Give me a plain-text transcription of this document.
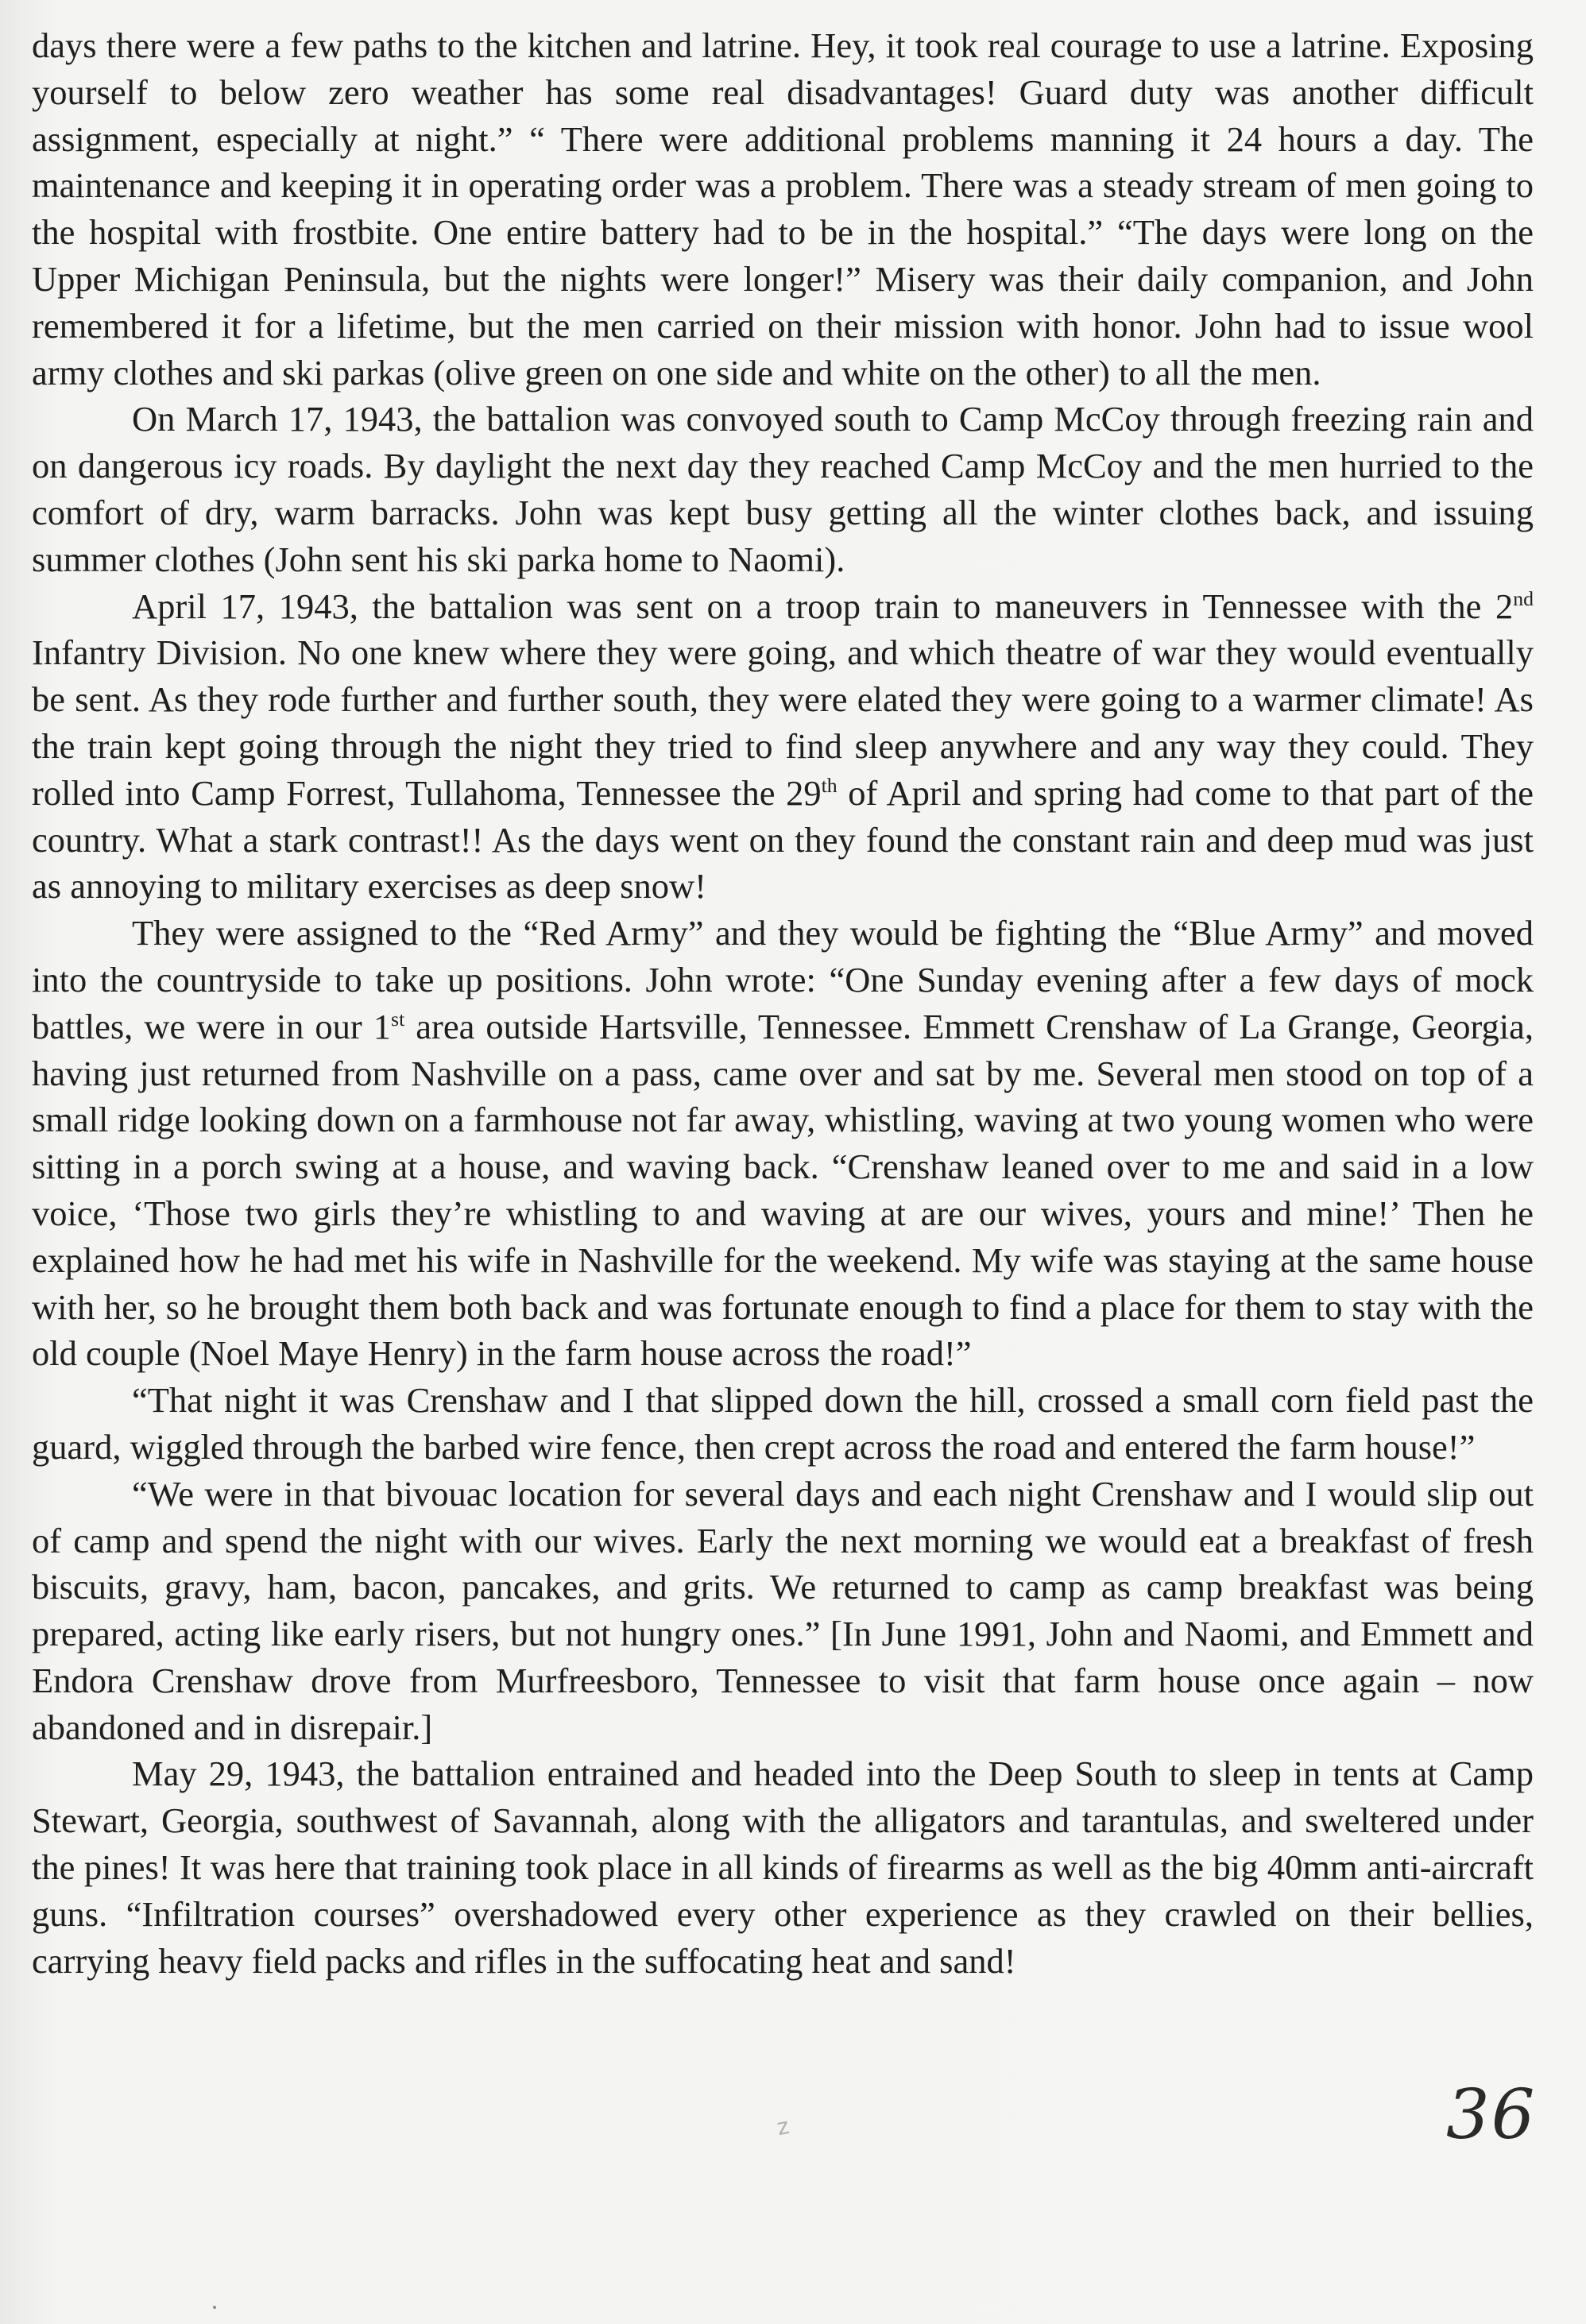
days there were a few paths to the kitchen and latrine. Hey, it took real courage to use a latrine. Exposing yourself to below zero weather has some real disadvantages! Guard duty was another difficult assignment, especially at night.” “ There were additional problems manning it 24 hours a day. The maintenance and keeping it in operating order was a problem. There was a steady stream of men going to the hospital with frostbite. One entire battery had to be in the hospital.” “The days were long on the Upper Michigan Peninsula, but the nights were longer!” Misery was their daily companion, and John remembered it for a lifetime, but the men carried on their mission with honor. John had to issue wool army clothes and ski parkas (olive green on one side and white on the other) to all the men.

On March 17, 1943, the battalion was convoyed south to Camp McCoy through freezing rain and on dangerous icy roads. By daylight the next day they reached Camp McCoy and the men hurried to the comfort of dry, warm barracks. John was kept busy getting all the winter clothes back, and issuing summer clothes (John sent his ski parka home to Naomi).

April 17, 1943, the battalion was sent on a troop train to maneuvers in Tennessee with the 2nd Infantry Division. No one knew where they were going, and which theatre of war they would eventually be sent. As they rode further and further south, they were elated they were going to a warmer climate! As the train kept going through the night they tried to find sleep anywhere and any way they could. They rolled into Camp Forrest, Tullahoma, Tennessee the 29th of April and spring had come to that part of the country. What a stark contrast!! As the days went on they found the constant rain and deep mud was just as annoying to military exercises as deep snow!

They were assigned to the “Red Army” and they would be fighting the “Blue Army” and moved into the countryside to take up positions. John wrote: “One Sunday evening after a few days of mock battles, we were in our 1st area outside Hartsville, Tennessee. Emmett Crenshaw of La Grange, Georgia, having just returned from Nashville on a pass, came over and sat by me. Several men stood on top of a small ridge looking down on a farmhouse not far away, whistling, waving at two young women who were sitting in a porch swing at a house, and waving back. “Crenshaw leaned over to me and said in a low voice, ‘Those two girls they’re whistling to and waving at are our wives, yours and mine!’ Then he explained how he had met his wife in Nashville for the weekend. My wife was staying at the same house with her, so he brought them both back and was fortunate enough to find a place for them to stay with the old couple (Noel Maye Henry) in the farm house across the road!”

“That night it was Crenshaw and I that slipped down the hill, crossed a small corn field past the guard, wiggled through the barbed wire fence, then crept across the road and entered the farm house!”

“We were in that bivouac location for several days and each night Crenshaw and I would slip out of camp and spend the night with our wives. Early the next morning we would eat a breakfast of fresh biscuits, gravy, ham, bacon, pancakes, and grits. We returned to camp as camp breakfast was being prepared, acting like early risers, but not hungry ones.” [In June 1991, John and Naomi, and Emmett and Endora Crenshaw drove from Murfreesboro, Tennessee to visit that farm house once again – now abandoned and in disrepair.]

May 29, 1943, the battalion entrained and headed into the Deep South to sleep in tents at Camp Stewart, Georgia, southwest of Savannah, along with the alligators and tarantulas, and sweltered under the pines! It was here that training took place in all kinds of firearms as well as the big 40mm anti-aircraft guns. “Infiltration courses” overshadowed every other experience as they crawled on their bellies, carrying heavy field packs and rifles in the suffocating heat and sand!

z	36
